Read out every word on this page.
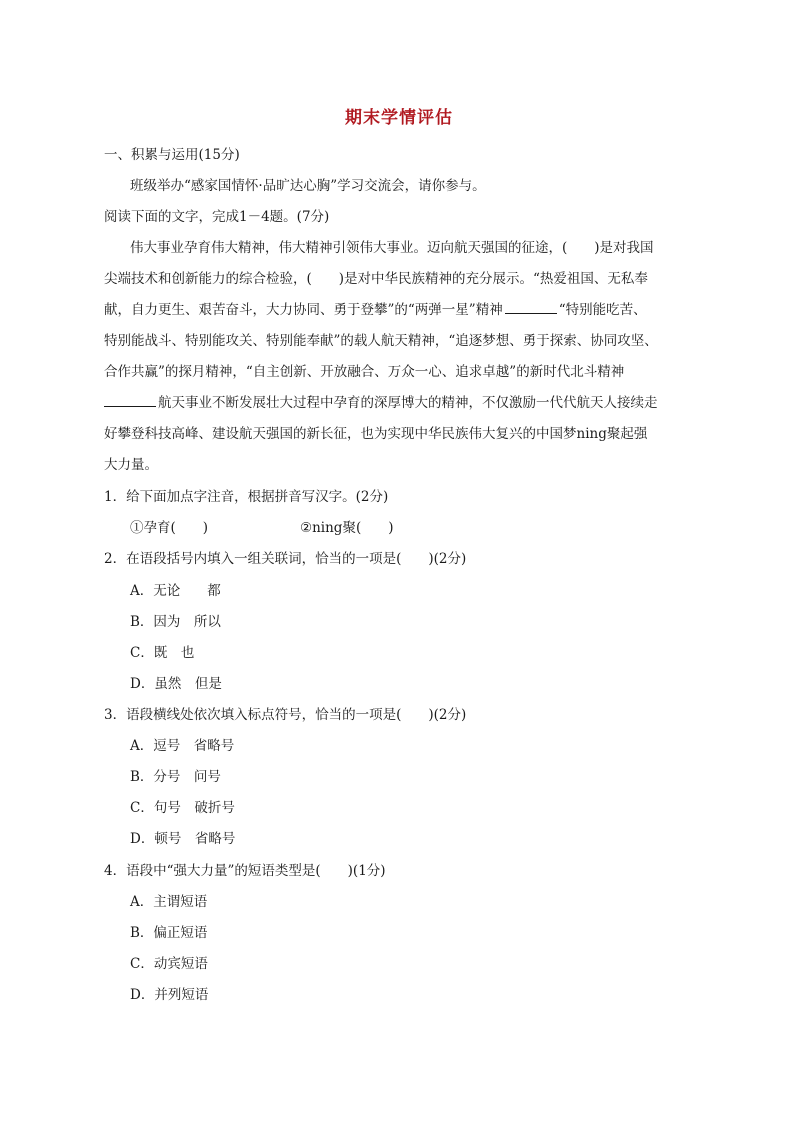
期末学情评估
一、积累与运用(15分)
班级举办“感家国情怀·品旷达心胸”学习交流会，请你参与。
阅读下面的文字，完成1－4题。(7分)
伟大事业孕育伟大精神，伟大精神引领伟大事业。迈向航天强国的征途，(　　)是对我国
尖端技术和创新能力的综合检验，(　　)是对中华民族精神的充分展示。“热爱祖国、无私奉
献，自力更生、艰苦奋斗，大力协同、勇于登攀”的“两弹一星”精神	“特别能吃苦、
特别能战斗、特别能攻关、特别能奉献”的载人航天精神，“追逐梦想、勇于探索、协同攻坚、
合作共赢”的探月精神，“自主创新、开放融合、万众一心、追求卓越”的新时代北斗精神
航天事业不断发展壮大过程中孕育的深厚博大的精神，不仅激励一代代航天人接续走
好攀登科技高峰、建设航天强国的新长征，也为实现中华民族伟大复兴的中国梦ning聚起强
大力量。
1．给下面加点字注音，根据拼音写汉字。(2分)
①孕育(　　)	②ning聚(　　)
2．在语段括号内填入一组关联词，恰当的一项是(　　)(2分)
A．无论　　都
B．因为　所以
C．既　也
D．虽然　但是
3．语段横线处依次填入标点符号，恰当的一项是(　　)(2分)
A．逗号　省略号
B．分号　问号
C．句号　破折号
D．顿号　省略号
4．语段中“强大力量”的短语类型是(　　)(1分)
A．主谓短语
B．偏正短语
C．动宾短语
D．并列短语
